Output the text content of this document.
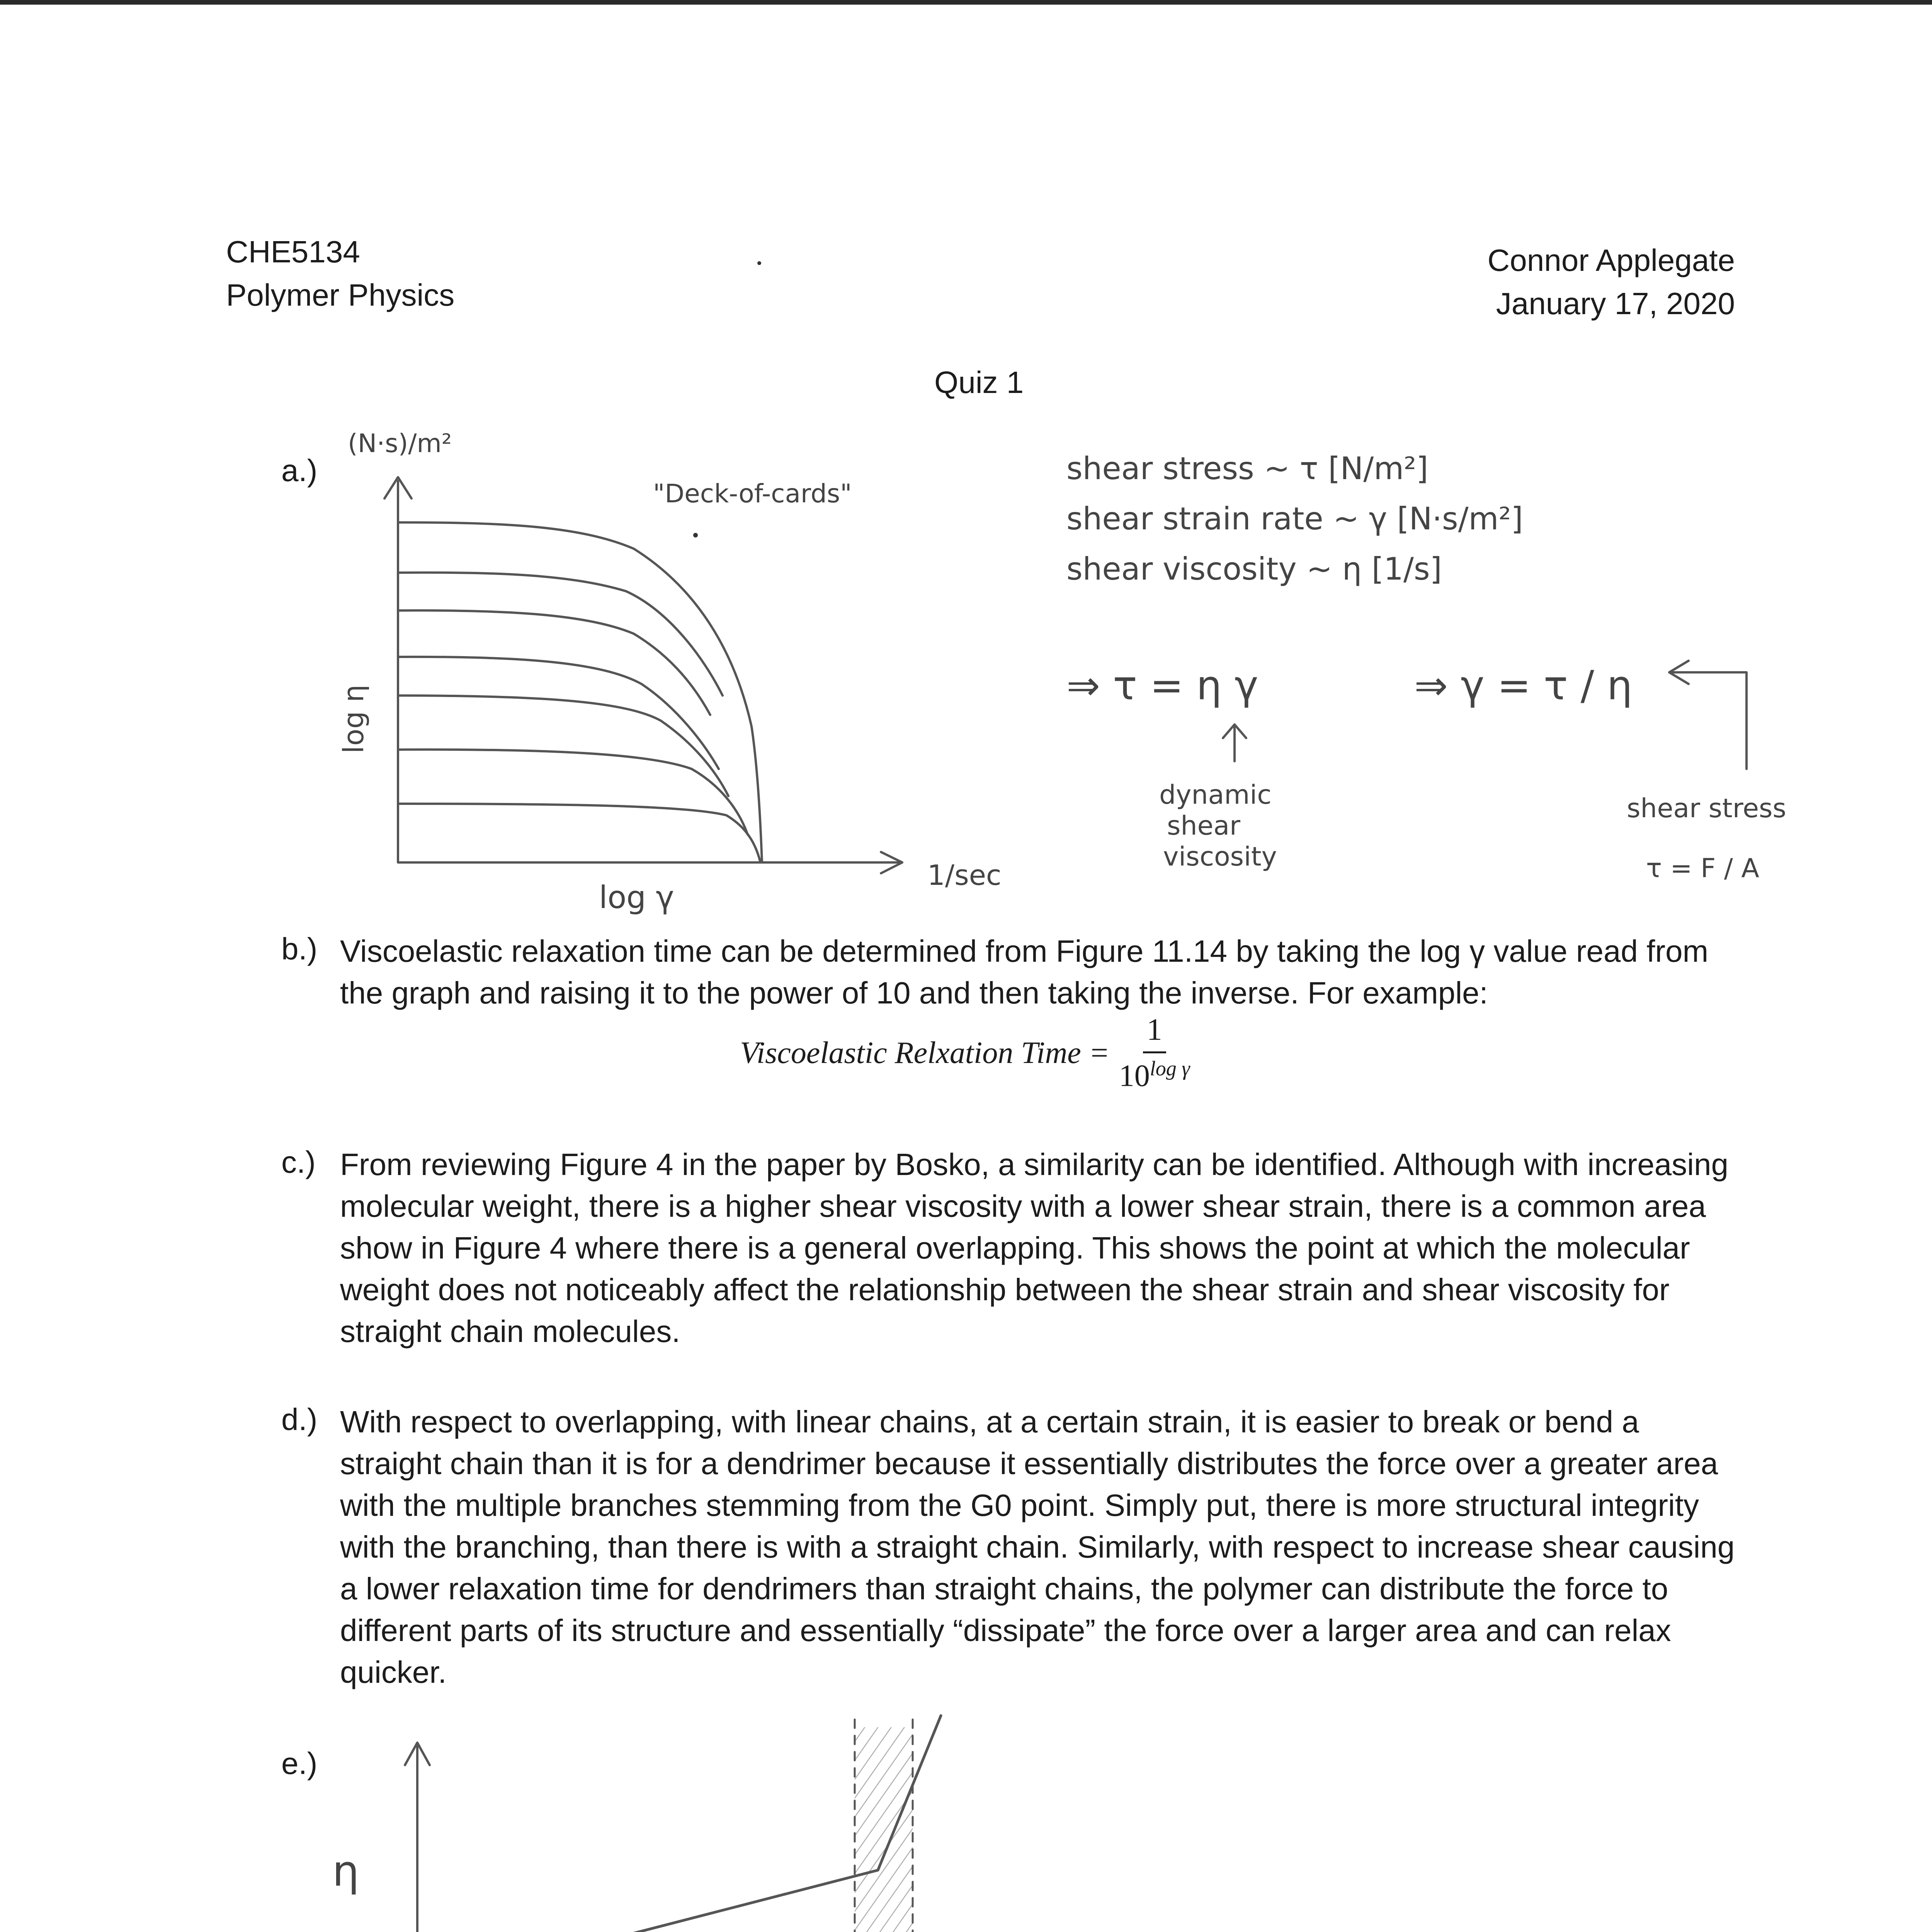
CHE5134
Polymer Physics
Connor Applegate
January 17, 2020
Quiz 1
a.)
(N·s)/m²
log η
log γ
1/sec
"Deck-of-cards"
shear stress ~ τ [N/m²]
shear strain rate ~ γ [N·s/m²]
shear viscosity ~ η [1/s]
⇒ τ = η γ	⇒ γ = τ / η
dynamic
shear
viscosity
shear stress
τ = F / A
b.) Viscoelastic relaxation time can be determined from Figure 11.14 by taking the log γ value read from the graph and raising it to the power of 10 and then taking the inverse. For example:
Viscoelastic Relxation Time = $\frac{1}{10^{log \gamma}}$
c.) From reviewing Figure 4 in the paper by Bosko, a similarity can be identified. Although with increasing molecular weight, there is a higher shear viscosity with a lower shear strain, there is a common area show in Figure 4 where there is a general overlapping. This shows the point at which the molecular weight does not noticeably affect the relationship between the shear strain and shear viscosity for straight chain molecules.
d.) With respect to overlapping, with linear chains, at a certain strain, it is easier to break or bend a straight chain than it is for a dendrimer because it essentially distributes the force over a greater area with the multiple branches stemming from the G0 point. Simply put, there is more structural integrity with the branching, than there is with a straight chain. Similarly, with respect to increase shear causing a lower relaxation time for dendrimers than straight chains, the polymer can distribute the force to different parts of its structure and essentially “dissipate” the force over a larger area and can relax quicker.
e.)
η
